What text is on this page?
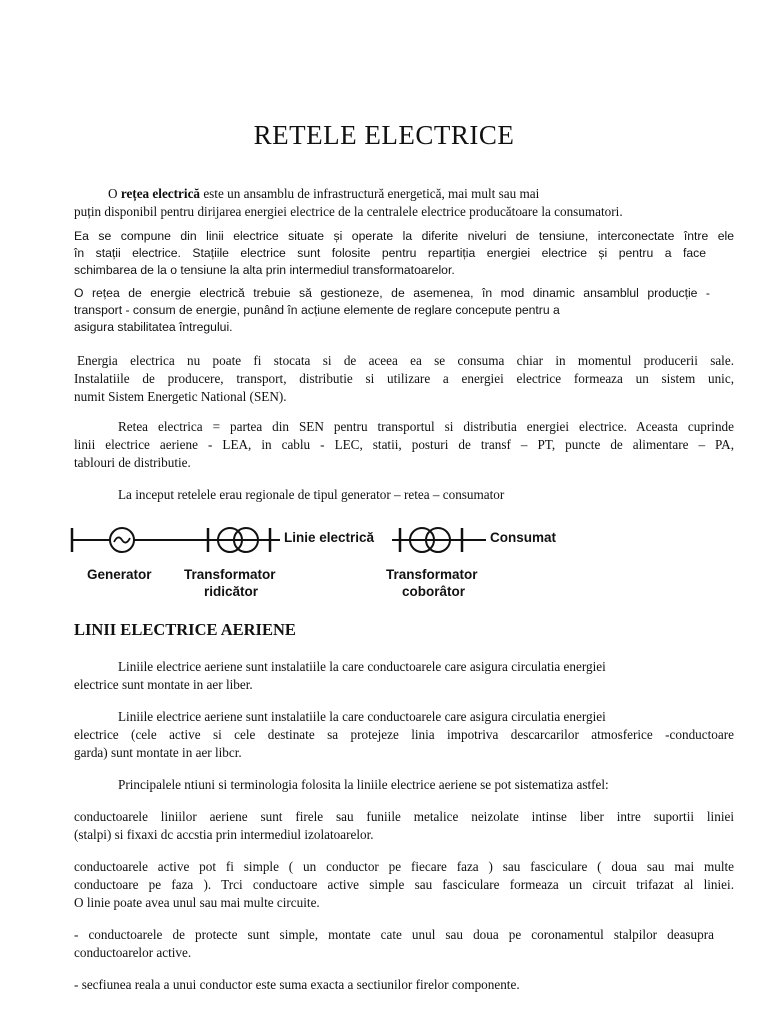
RETELE ELECTRICE
O rețea electrică este un ansamblu de infrastructură energetică, mai mult sau mai
puțin disponibil pentru dirijarea energiei electrice de la centralele electrice producătoare la consumatori.
Ea se compune din linii electrice situate și operate la diferite niveluri de tensiune, interconectate între ele
în stații electrice. Stațiile electrice sunt folosite pentru repartiția energiei electrice și pentru a face
schimbarea de la o tensiune la alta prin intermediul transformatoarelor.
O rețea de energie electrică trebuie să gestioneze, de asemenea, în mod dinamic ansamblul producție -
transport - consum de energie, punând în acțiune elemente de reglare concepute pentru a
asigura stabilitatea întregului.
Energia electrica nu poate fi stocata si de aceea ea se consuma chiar in momentul producerii sale.
Instalatiile de producere, transport, distributie si utilizare a energiei electrice formeaza un sistem unic,
numit Sistem Energetic National (SEN).
Retea electrica = partea din SEN pentru transportul si distributia energiei electrice. Aceasta cuprinde
linii electrice aeriene - LEA, in cablu - LEC, statii, posturi de transf – PT, puncte de alimentare – PA,
tablouri de distributie.
La inceput retelele erau regionale de tipul generator – retea – consumator
Linie electrică	Consumat
Generator Transformator
ridicător
Transformator
coborâtor
LINII ELECTRICE AERIENE
Liniile electrice aeriene sunt instalatiile la care conductoarele care asigura circulatia energiei
electrice sunt montate in aer liber.
Liniile electrice aeriene sunt instalatiile la care conductoarele care asigura circulatia energiei
electrice (cele active si cele destinate sa protejeze linia impotriva descarcarilor atmosferice -conductoare
garda) sunt montate in aer libcr.
Principalele ntiuni si terminologia folosita la liniile electrice aeriene se pot sistematiza astfel:
conductoarele liniilor aeriene sunt firele sau funiile metalice neizolate intinse liber intre suportii liniei
(stalpi) si fixaxi dc accstia prin intermediul izolatoarelor.
conductoarele active pot fi simple ( un conductor pe fiecare faza ) sau fasciculare ( doua sau mai multe
conductoare pe faza ). Trci conductoare active simple sau fasciculare formeaza un circuit trifazat al liniei.
O linie poate avea unul sau mai multe circuite.
- conductoarele de protecte sunt simple, montate cate unul sau doua pe coronamentul stalpilor deasupra
conductoarelor active.
- secfiunea reala a unui conductor este suma exacta a sectiunilor firelor componente.
